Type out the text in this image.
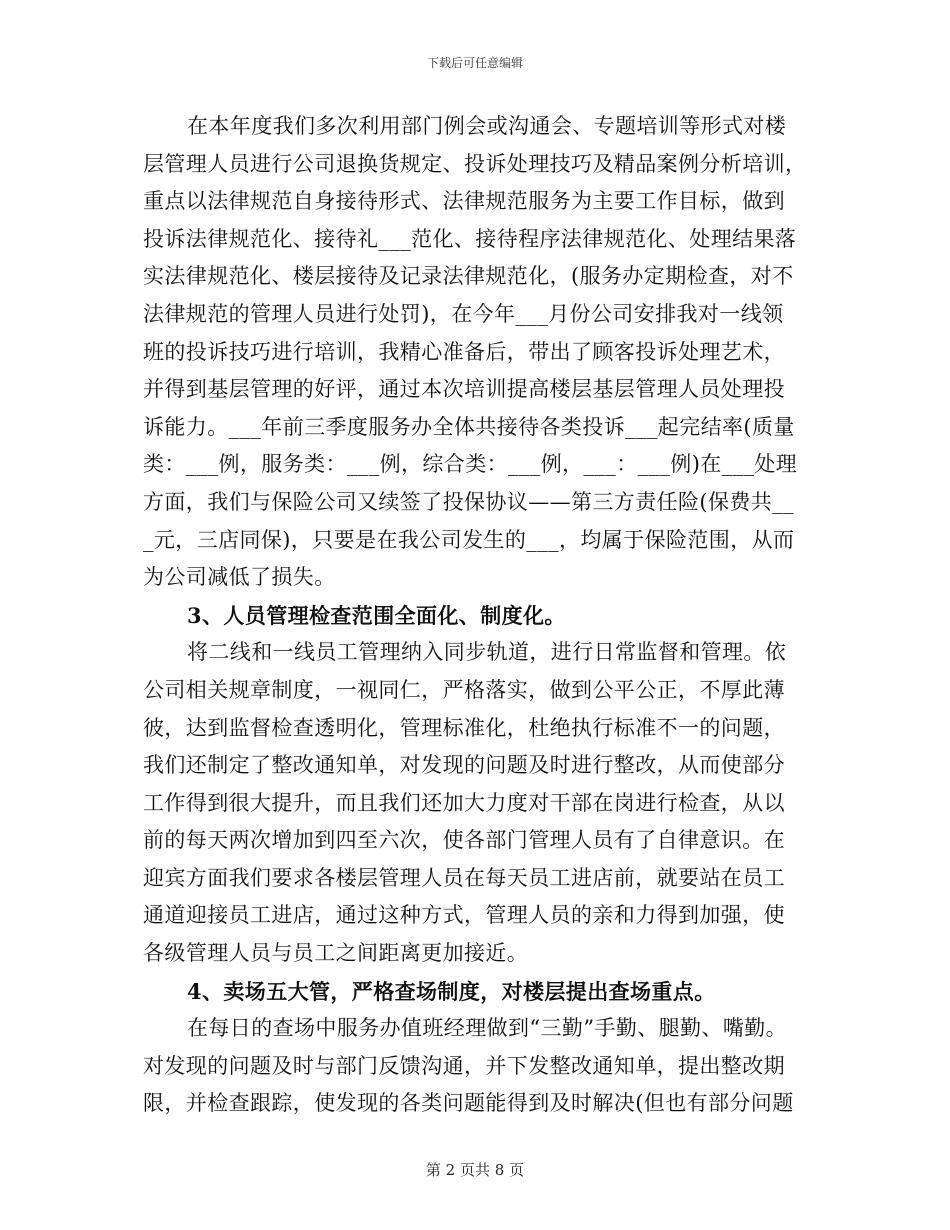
下载后可任意编辑
在本年度我们多次利用部门例会或沟通会、专题培训等形式对楼
层管理人员进行公司退换货规定、投诉处理技巧及精品案例分析培训，
重点以法律规范自身接待形式、法律规范服务为主要工作目标，做到
投诉法律规范化、接待礼___范化、接待程序法律规范化、处理结果落
实法律规范化、楼层接待及记录法律规范化，(服务办定期检查，对不
法律规范的管理人员进行处罚)，在今年___月份公司安排我对一线领
班的投诉技巧进行培训，我精心准备后，带出了顾客投诉处理艺术，
并得到基层管理的好评，通过本次培训提高楼层基层管理人员处理投
诉能力。___年前三季度服务办全体共接待各类投诉___起完结率(质量
类：___例，服务类：___例，综合类：___例，___：___例)在___处理
方面，我们与保险公司又续签了投保协议——第三方责任险(保费共__
_元，三店同保)，只要是在我公司发生的___，均属于保险范围，从而
为公司减低了损失。
3、人员管理检查范围全面化、制度化。
将二线和一线员工管理纳入同步轨道，进行日常监督和管理。依
公司相关规章制度，一视同仁，严格落实，做到公平公正，不厚此薄
彼，达到监督检查透明化，管理标准化，杜绝执行标准不一的问题，
我们还制定了整改通知单，对发现的问题及时进行整改，从而使部分
工作得到很大提升，而且我们还加大力度对干部在岗进行检查，从以
前的每天两次增加到四至六次，使各部门管理人员有了自律意识。在
迎宾方面我们要求各楼层管理人员在每天员工进店前，就要站在员工
通道迎接员工进店，通过这种方式，管理人员的亲和力得到加强，使
各级管理人员与员工之间距离更加接近。
4、卖场五大管，严格查场制度，对楼层提出查场重点。
在每日的查场中服务办值班经理做到“三勤”手勤、腿勤、嘴勤。
对发现的问题及时与部门反馈沟通，并下发整改通知单，提出整改期
限，并检查跟踪，使发现的各类问题能得到及时解决(但也有部分问题
第 2 页共 8 页
